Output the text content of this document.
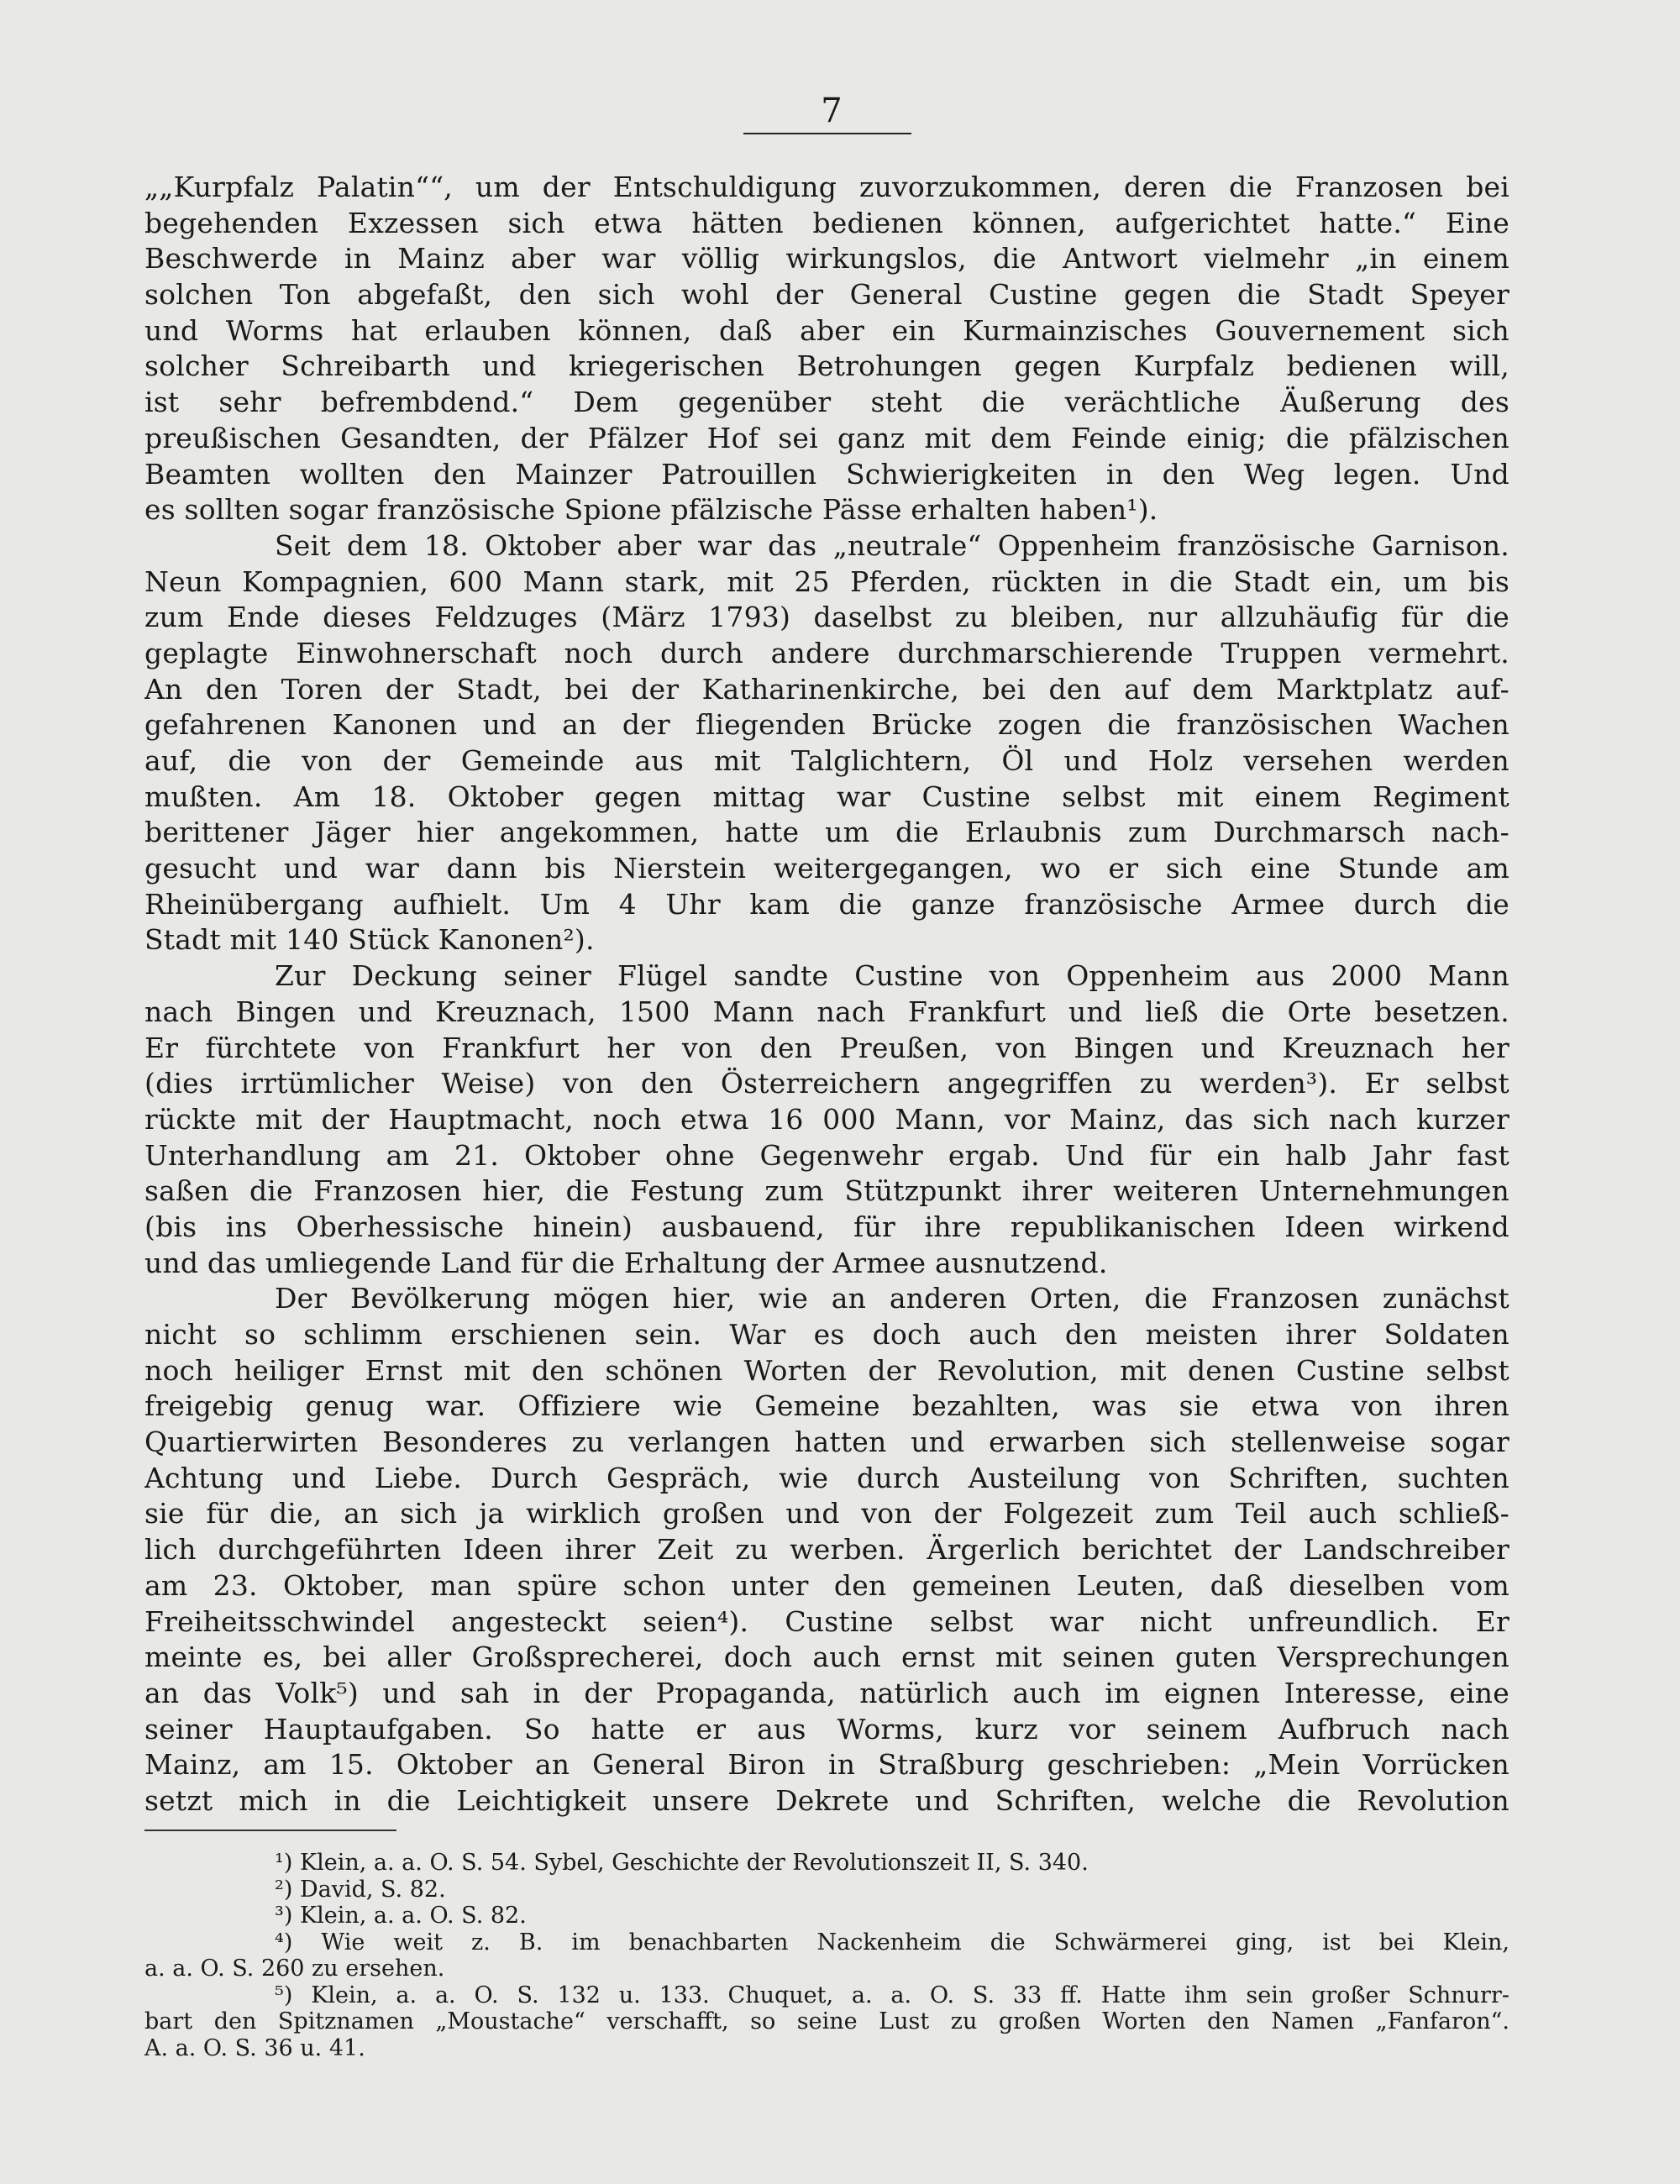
7
„„Kurpfalz Palatin““, um der Entschuldigung zuvorzukommen, deren die Franzosen bei
begehenden Exzessen sich etwa hätten bedienen können, aufgerichtet hatte.“ Eine
Beschwerde in Mainz aber war völlig wirkungslos, die Antwort vielmehr „in einem
solchen Ton abgefaßt, den sich wohl der General Custine gegen die Stadt Speyer
und Worms hat erlauben können, daß aber ein Kurmainzisches Gouvernement sich
solcher Schreibarth und kriegerischen Betrohungen gegen Kurpfalz bedienen will,
ist sehr befrembdend.“ Dem gegenüber steht die verächtliche Äußerung des
preußischen Gesandten, der Pfälzer Hof sei ganz mit dem Feinde einig; die pfälzischen
Beamten wollten den Mainzer Patrouillen Schwierigkeiten in den Weg legen. Und
es sollten sogar französische Spione pfälzische Pässe erhalten haben¹).
Seit dem 18. Oktober aber war das „neutrale“ Oppenheim französische Garnison.
Neun Kompagnien, 600 Mann stark, mit 25 Pferden, rückten in die Stadt ein, um bis
zum Ende dieses Feldzuges (März 1793) daselbst zu bleiben, nur allzuhäufig für die
geplagte Einwohnerschaft noch durch andere durchmarschierende Truppen vermehrt.
An den Toren der Stadt, bei der Katharinenkirche, bei den auf dem Marktplatz auf-
gefahrenen Kanonen und an der fliegenden Brücke zogen die französischen Wachen
auf, die von der Gemeinde aus mit Talglichtern, Öl und Holz versehen werden
mußten. Am 18. Oktober gegen mittag war Custine selbst mit einem Regiment
berittener Jäger hier angekommen, hatte um die Erlaubnis zum Durchmarsch nach-
gesucht und war dann bis Nierstein weitergegangen, wo er sich eine Stunde am
Rheinübergang aufhielt. Um 4 Uhr kam die ganze französische Armee durch die
Stadt mit 140 Stück Kanonen²).
Zur Deckung seiner Flügel sandte Custine von Oppenheim aus 2000 Mann
nach Bingen und Kreuznach, 1500 Mann nach Frankfurt und ließ die Orte besetzen.
Er fürchtete von Frankfurt her von den Preußen, von Bingen und Kreuznach her
(dies irrtümlicher Weise) von den Österreichern angegriffen zu werden³). Er selbst
rückte mit der Hauptmacht, noch etwa 16 000 Mann, vor Mainz, das sich nach kurzer
Unterhandlung am 21. Oktober ohne Gegenwehr ergab. Und für ein halb Jahr fast
saßen die Franzosen hier, die Festung zum Stützpunkt ihrer weiteren Unternehmungen
(bis ins Oberhessische hinein) ausbauend, für ihre republikanischen Ideen wirkend
und das umliegende Land für die Erhaltung der Armee ausnutzend.
Der Bevölkerung mögen hier, wie an anderen Orten, die Franzosen zunächst
nicht so schlimm erschienen sein. War es doch auch den meisten ihrer Soldaten
noch heiliger Ernst mit den schönen Worten der Revolution, mit denen Custine selbst
freigebig genug war. Offiziere wie Gemeine bezahlten, was sie etwa von ihren
Quartierwirten Besonderes zu verlangen hatten und erwarben sich stellenweise sogar
Achtung und Liebe. Durch Gespräch, wie durch Austeilung von Schriften, suchten
sie für die, an sich ja wirklich großen und von der Folgezeit zum Teil auch schließ-
lich durchgeführten Ideen ihrer Zeit zu werben. Ärgerlich berichtet der Landschreiber
am 23. Oktober, man spüre schon unter den gemeinen Leuten, daß dieselben vom
Freiheitsschwindel angesteckt seien⁴). Custine selbst war nicht unfreundlich. Er
meinte es, bei aller Großsprecherei, doch auch ernst mit seinen guten Versprechungen
an das Volk⁵) und sah in der Propaganda, natürlich auch im eignen Interesse, eine
seiner Hauptaufgaben. So hatte er aus Worms, kurz vor seinem Aufbruch nach
Mainz, am 15. Oktober an General Biron in Straßburg geschrieben: „Mein Vorrücken
setzt mich in die Leichtigkeit unsere Dekrete und Schriften, welche die Revolution
¹) Klein, a. a. O. S. 54. Sybel, Geschichte der Revolutionszeit II, S. 340.
²) David, S. 82.
³) Klein, a. a. O. S. 82.
⁴) Wie weit z. B. im benachbarten Nackenheim die Schwärmerei ging, ist bei Klein,
a. a. O. S. 260 zu ersehen.
⁵) Klein, a. a. O. S. 132 u. 133. Chuquet, a. a. O. S. 33 ff. Hatte ihm sein großer Schnurr-
bart den Spitznamen „Moustache“ verschafft, so seine Lust zu großen Worten den Namen „Fanfaron“.
A. a. O. S. 36 u. 41.
